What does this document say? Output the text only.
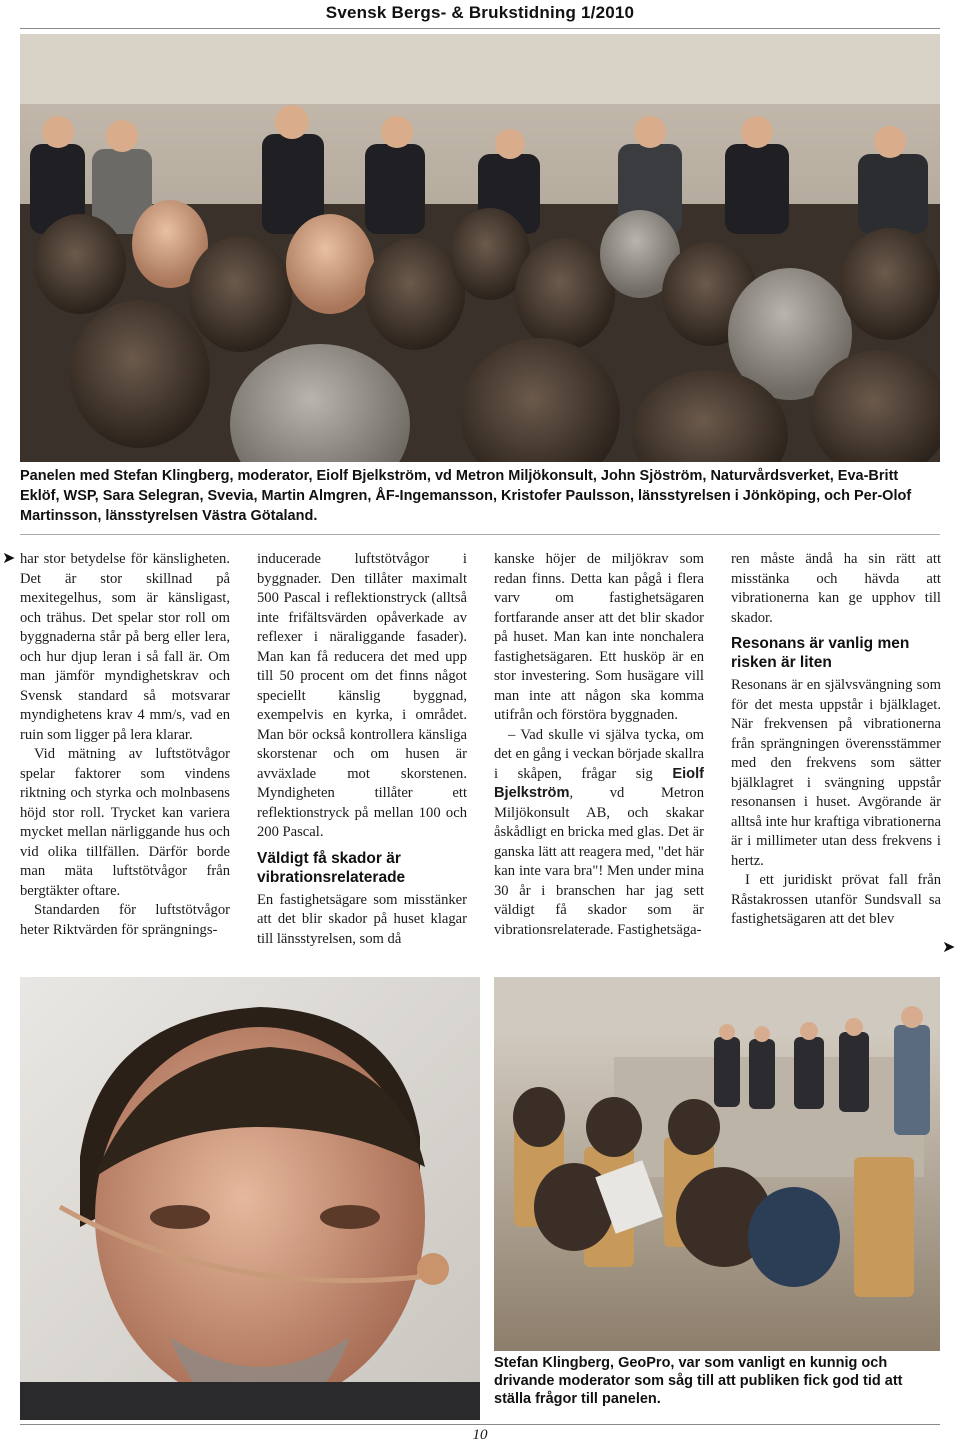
Svensk Bergs- & Brukstidning 1/2010
Panelen med Stefan Klingberg, moderator, Eiolf Bjelkström, vd Metron Miljökonsult, John Sjöström, Naturvårdsverket, Eva-Britt Eklöf, WSP, Sara Selegran, Svevia, Martin Almgren, ÅF-Ingemansson, Kristofer Paulsson, länsstyrelsen i Jönköping, och Per-Olof Martinsson, länsstyrelsen Västra Götaland.
➤
➤

har stor betydelse för känsligheten. Det är stor skillnad på mexitegelhus, som är känsligast, och trähus. Det spelar stor roll om byggnaderna står på berg eller lera, och hur djup leran i så fall är. Om man jämför myndighetskrav och Svensk standard så motsvarar myndighetens krav 4 mm/s, vad en ruin som ligger på lera klarar.

Vid mätning av luftstötvågor spelar faktorer som vindens riktning och styrka och molnbasens höjd stor roll. Trycket kan variera mycket mellan närliggande hus och vid olika tillfällen. Därför borde man mäta luftstötvågor från bergtäkter oftare.

Standarden för luftstötvågor heter Riktvärden för sprängnings-

inducerade luftstötvågor i byggnader. Den tillåter maximalt 500 Pascal i reflektionstryck (alltså inte frifältsvärden opåverkade av reflexer i näraliggande fasader). Man kan få reducera det med upp till 50 procent om det finns något speciellt känslig byggnad, exempelvis en kyrka, i området. Man bör också kontrollera känsliga skorstenar och om husen är avväxlade mot skorstenen. Myndigheten tillåter ett reflektionstryck på mellan 100 och 200 Pascal.

Väldigt få skador är vibrationsrelaterade

En fastighetsägare som misstänker att det blir skador på huset klagar till länsstyrelsen, som då

kanske höjer de miljökrav som redan finns. Detta kan pågå i flera varv om fastighetsägaren fortfarande anser att det blir skador på huset. Man kan inte nonchalera fastighetsägaren. Ett husköp är en stor investering. Som husägare vill man inte att någon ska komma utifrån och förstöra byggnaden.

– Vad skulle vi själva tycka, om det en gång i veckan började skallra i skåpen, frågar sig Eiolf Bjelkström, vd Metron Miljökonsult AB, och skakar åskådligt en bricka med glas. Det är ganska lätt att reagera med, "det här kan inte vara bra"! Men under mina 30 år i branschen har jag sett väldigt få skador som är vibrationsrelaterade. Fastighetsäga-

ren måste ändå ha sin rätt att misstänka och hävda att vibrationerna kan ge upphov till skador.

Resonans är vanlig men risken är liten

Resonans är en självsvängning som för det mesta uppstår i bjälklaget. När frekvensen på vibrationerna från sprängningen överensstämmer med den frekvens som sätter bjälklagret i svängning uppstår resonansen i huset. Avgörande är alltså inte hur kraftiga vibrationerna är i millimeter utan dess frekvens i hertz.

I ett juridiskt prövat fall från Råstakrossen utanför Sundsvall sa fastighetsägaren att det blev

Stefan Klingberg, GeoPro, var som vanligt en kunnig och drivande moderator som såg till att publiken fick god tid att ställa frågor till panelen.
10
